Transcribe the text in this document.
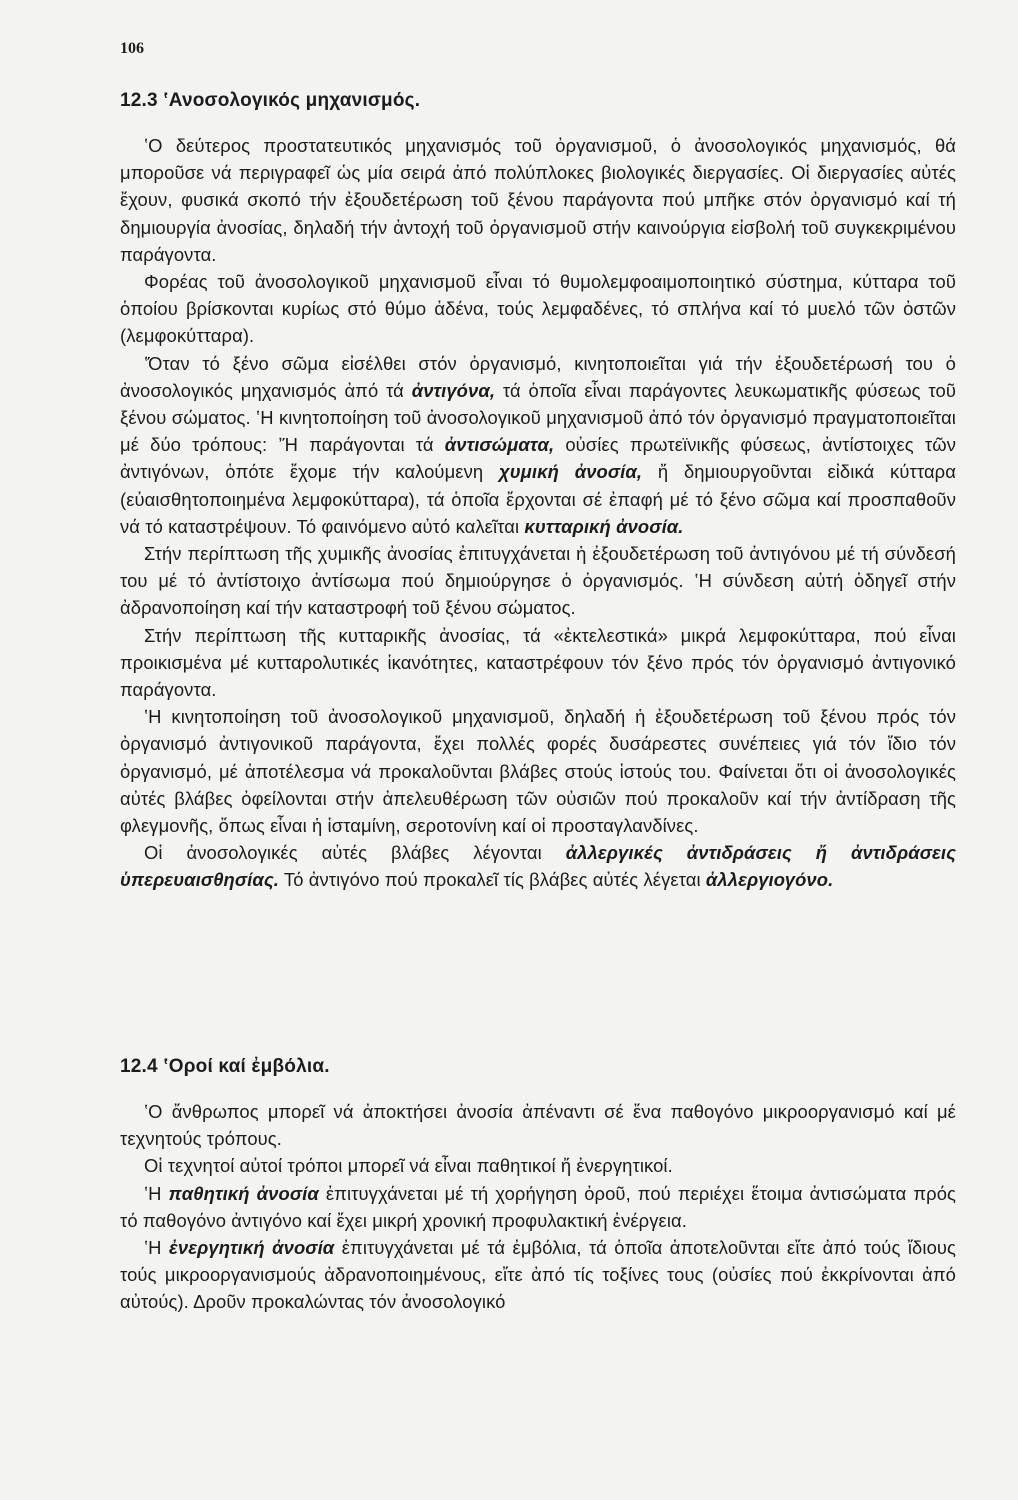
106
12.3 ʽΑνοσολογικός μηχανισμός.

ʽΟ δεύτερος προστατευτικός μηχανισμός τοῦ ὀργανισμοῦ, ὁ ἀνοσολογικός μηχανισμός, θά μποροῦσε νά περιγραφεῖ ὡς μία σειρά ἀπό πολύπλοκες βιολογικές διεργασίες. Οἱ διεργασίες αὐτές ἔχουν, φυσικά σκοπό τήν ἐξουδετέρωση τοῦ ξένου παράγοντα πού μπῆκε στόν ὀργανισμό καί τή δημιουργία ἀνοσίας, δηλαδή τήν ἀντοχή τοῦ ὀργανισμοῦ στήν καινούργια εἰσβολή τοῦ συγκεκριμένου παράγοντα.

Φορέας τοῦ ἀνοσολογικοῦ μηχανισμοῦ εἶναι τό θυμολεμφοαιμοποιητικό σύστημα, κύτταρα τοῦ ὁποίου βρίσκονται κυρίως στό θύμο ἀδένα, τούς λεμφαδένες, τό σπλήνα καί τό μυελό τῶν ὀστῶν (λεμφοκύτταρα).

ʽΌταν τό ξένο σῶμα εἰσέλθει στόν ὀργανισμό, κινητοποιεῖται γιά τήν ἐξουδετέρωσή του ὁ ἀνοσολογικός μηχανισμός ἀπό τά ἀντιγόνα, τά ὁποῖα εἶναι παράγοντες λευκωματικῆς φύσεως τοῦ ξένου σώματος. ʽΗ κινητοποίηση τοῦ ἀνοσολογικοῦ μηχανισμοῦ ἀπό τόν ὀργανισμό πραγματοποιεῖται μέ δύο τρόπους: ʼΉ παράγονται τά ἀντισώματα, οὐσίες πρωτεϊνικῆς φύσεως, ἀντίστοιχες τῶν ἀντιγόνων, ὁπότε ἔχομε τήν καλούμενη χυμική ἀνοσία, ἤ δημιουργοῦνται εἰδικά κύτταρα (εὐαισθητοποιημένα λεμφοκύτταρα), τά ὁποῖα ἔρχονται σέ ἐπαφή μέ τό ξένο σῶμα καί προσπαθοῦν νά τό καταστρέψουν. Τό φαινόμενο αὐτό καλεῖται κυτταρική ἀνοσία.

Στήν περίπτωση τῆς χυμικῆς ἀνοσίας ἐπιτυγχάνεται ἡ ἐξουδετέρωση τοῦ ἀντιγόνου μέ τή σύνδεσή του μέ τό ἀντίστοιχο ἀντίσωμα πού δημιούργησε ὁ ὀργανισμός. ʽΗ σύνδεση αὐτή ὁδηγεῖ στήν ἀδρανοποίηση καί τήν καταστροφή τοῦ ξένου σώματος.

Στήν περίπτωση τῆς κυτταρικῆς ἀνοσίας, τά «ἐκτελεστικά» μικρά λεμφοκύτταρα, πού εἶναι προικισμένα μέ κυτταρολυτικές ἱκανότητες, καταστρέφουν τόν ξένο πρός τόν ὀργανισμό ἀντιγονικό παράγοντα.

ʽΗ κινητοποίηση τοῦ ἀνοσολογικοῦ μηχανισμοῦ, δηλαδή ἡ ἐξουδετέρωση τοῦ ξένου πρός τόν ὀργανισμό ἀντιγονικοῦ παράγοντα, ἔχει πολλές φορές δυσάρεστες συνέπειες γιά τόν ἴδιο τόν ὀργανισμό, μέ ἀποτέλεσμα νά προκαλοῦνται βλάβες στούς ἱστούς του. Φαίνεται ὅτι οἱ ἀνοσολογικές αὐτές βλάβες ὀφείλονται στήν ἀπελευθέρωση τῶν οὐσιῶν πού προκαλοῦν καί τήν ἀντίδραση τῆς φλεγμονῆς, ὅπως εἶναι ἡ ἱσταμίνη, σεροτονίνη καί οἱ προσταγλανδίνες.

Οἱ ἀνοσολογικές αὐτές βλάβες λέγονται ἀλλεργικές ἀντιδράσεις ἤ ἀντιδράσεις ὑπερευαισθησίας. Τό ἀντιγόνο πού προκαλεῖ τίς βλάβες αὐτές λέγεται ἀλλεργιογόνο.

12.4 ʽΟροί καί ἐμβόλια.

ʽΟ ἄνθρωπος μπορεῖ νά ἀποκτήσει ἀνοσία ἀπέναντι σέ ἕνα παθογόνο μικροοργανισμό καί μέ τεχνητούς τρόπους.

Οἱ τεχνητοί αὐτοί τρόποι μπορεῖ νά εἶναι παθητικοί ἤ ἐνεργητικοί.

ʽΗ παθητική ἀνοσία ἐπιτυγχάνεται μέ τή χορήγηση ὀροῦ, πού περιέχει ἕτοιμα ἀντισώματα πρός τό παθογόνο ἀντιγόνο καί ἔχει μικρή χρονική προφυλακτική ἐνέργεια.

ʽΗ ἐνεργητική ἀνοσία ἐπιτυγχάνεται μέ τά ἐμβόλια, τά ὁποῖα ἀποτελοῦνται εἴτε ἀπό τούς ἴδιους τούς μικροοργανισμούς ἀδρανοποιημένους, εἴτε ἀπό τίς τοξίνες τους (οὐσίες πού ἐκκρίνονται ἀπό αὐτούς). Δροῦν προκαλώντας τόν ἀνοσολογικό
